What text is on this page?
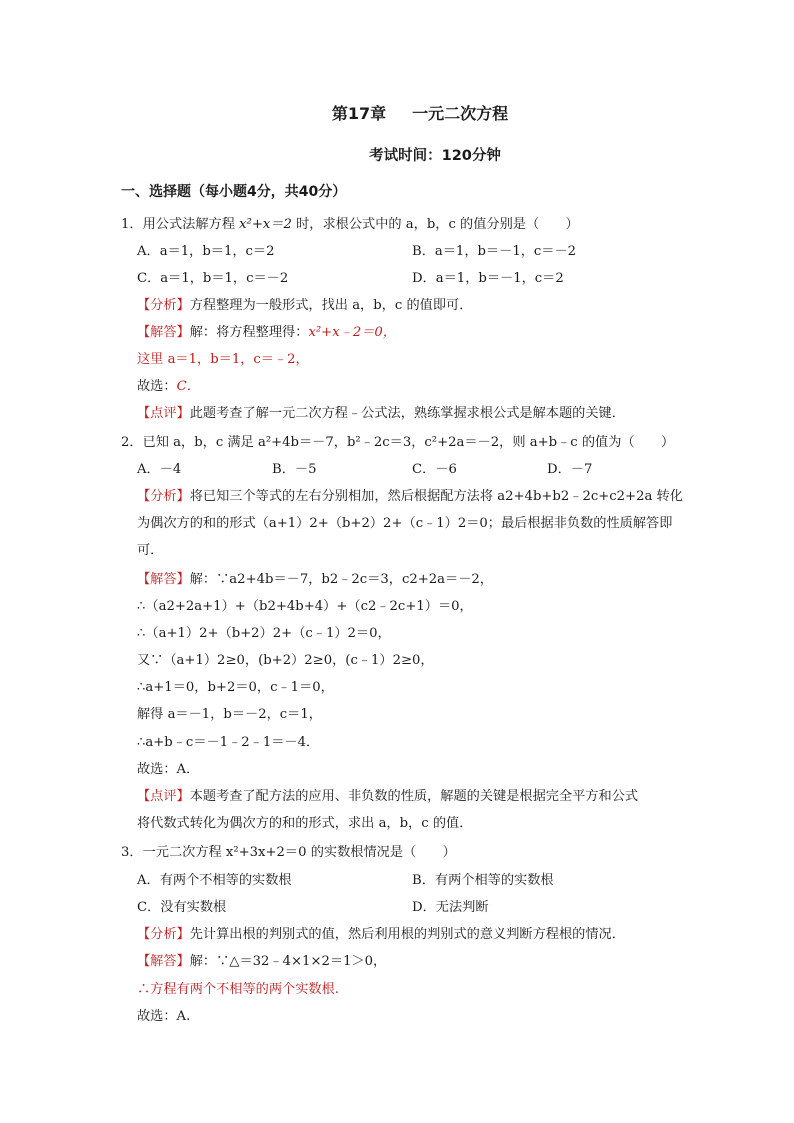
第17章 一元二次方程
考试时间：120分钟
一、选择题（每小题4分，共40分）
1．用公式法解方程 x²+x＝2 时，求根公式中的 a，b，c 的值分别是（　　）
A．a＝1，b＝1，c＝2	B．a＝1，b＝－1，c＝－2
C．a＝1，b＝1，c＝－2	D．a＝1，b＝－1，c＝2
【分析】方程整理为一般形式，找出 a，b，c 的值即可．
【解答】解：将方程整理得：x²+x﹣2＝0，
这里 a＝1，b＝1，c＝﹣2，
故选：C．
【点评】此题考查了解一元二次方程﹣公式法，熟练掌握求根公式是解本题的关键．
2．已知 a，b，c 满足 a²+4b＝－7，b²﹣2c＝3，c²+2a＝－2，则 a+b﹣c 的值为（　　）
A．－4	B．－5	C．－6	D．－7
【分析】将已知三个等式的左右分别相加，然后根据配方法将 a2+4b+b2﹣2c+c2+2a 转化
为偶次方的和的形式（a+1）2+（b+2）2+（c﹣1）2＝0；最后根据非负数的性质解答即
可．
【解答】解：∵a2+4b＝－7，b2﹣2c＝3，c2+2a＝－2，
∴（a2+2a+1）+（b2+4b+4）+（c2﹣2c+1）＝0，
∴（a+1）2+（b+2）2+（c﹣1）2＝0，
又∵（a+1）2≥0，(b+2）2≥0，(c﹣1）2≥0，
∴a+1＝0，b+2＝0，c﹣1＝0，
解得 a＝－1，b＝－2，c＝1，
∴a+b﹣c＝－1﹣2﹣1＝－4．
故选：A．
【点评】本题考查了配方法的应用、非负数的性质，解题的关键是根据完全平方和公式
将代数式转化为偶次方的和的形式，求出 a，b，c 的值．
3．一元二次方程 x²+3x+2＝0 的实数根情况是（　　）
A．有两个不相等的实数根	B．有两个相等的实数根
C．没有实数根	D．无法判断
【分析】先计算出根的判别式的值，然后利用根的判别式的意义判断方程根的情况．
【解答】解：∵△＝32﹣4×1×2＝1＞0，
∴方程有两个不相等的两个实数根.
故选：A.
